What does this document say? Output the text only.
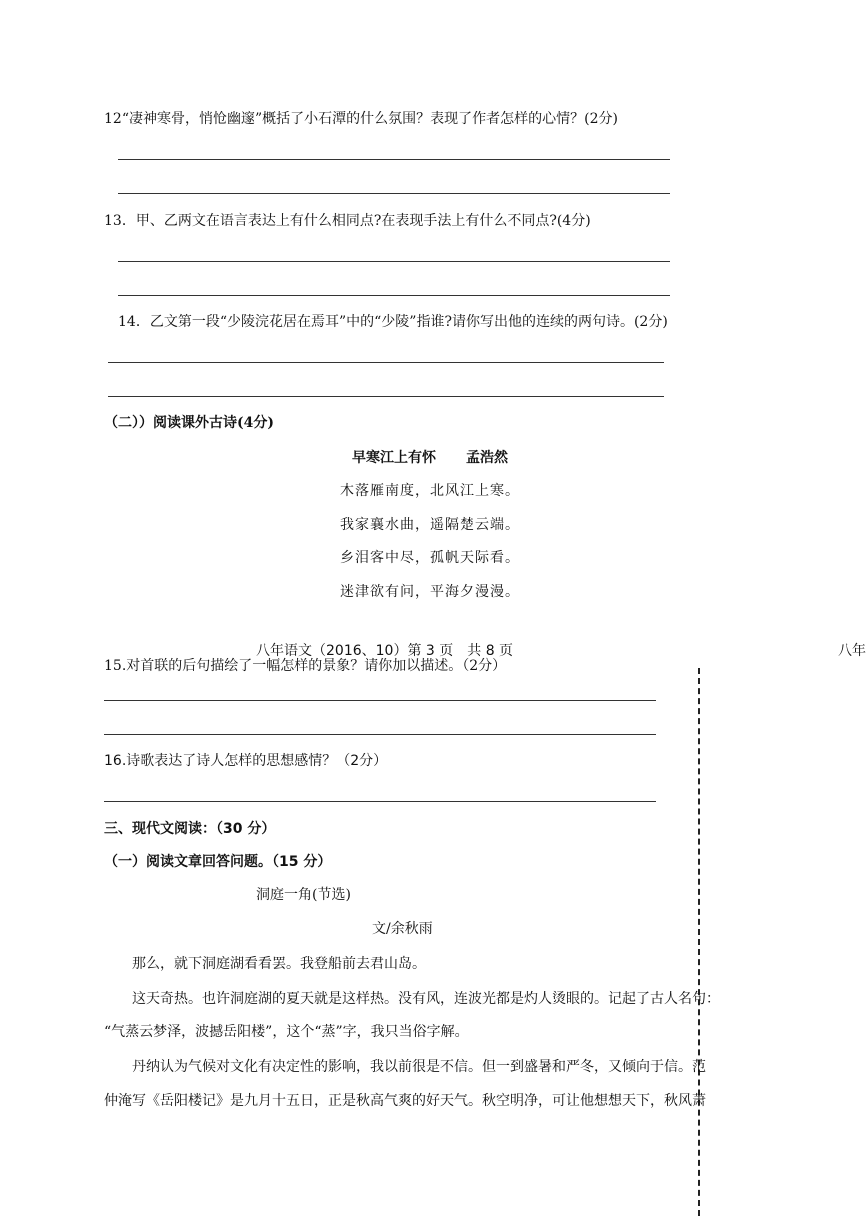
12“凄神寒骨，悄怆幽邃”概括了小石潭的什么氛围？表现了作者怎样的心情？(2分)
13．甲、乙两文在语言表达上有什么相同点?在表现手法上有什么不同点?(4分)
14．乙文第一段“少陵浣花居在焉耳”中的“少陵”指谁?请你写出他的连续的两句诗。(2分)
（二））阅读课外古诗(4分)
早寒江上有怀 孟浩然
木落雁南度，北风江上寒。
我家襄水曲，遥隔楚云端。
乡泪客中尽，孤帆天际看。
迷津欲有问，平海夕漫漫。
15.对首联的后句描绘了一幅怎样的景象？请你加以描述。（2分）
八年语文（2016、10）第 3 页　共 8 页	八年
16.诗歌表达了诗人怎样的思想感情？（2分）
三、现代文阅读：（30 分）
（一）阅读文章回答问题。（15 分）
洞庭一角(节选)
文/余秋雨
那么，就下洞庭湖看看罢。我登船前去君山岛。
这天奇热。也许洞庭湖的夏天就是这样热。没有风，连波光都是灼人烫眼的。记起了古人名句：
“气蒸云梦泽，波撼岳阳楼”，这个“蒸”字，我只当俗字解。
丹纳认为气候对文化有决定性的影响，我以前很是不信。但一到盛暑和严冬，又倾向于信。范
仲淹写《岳阳楼记》是九月十五日，正是秋高气爽的好天气。秋空明净，可让他想想天下，秋风萧
